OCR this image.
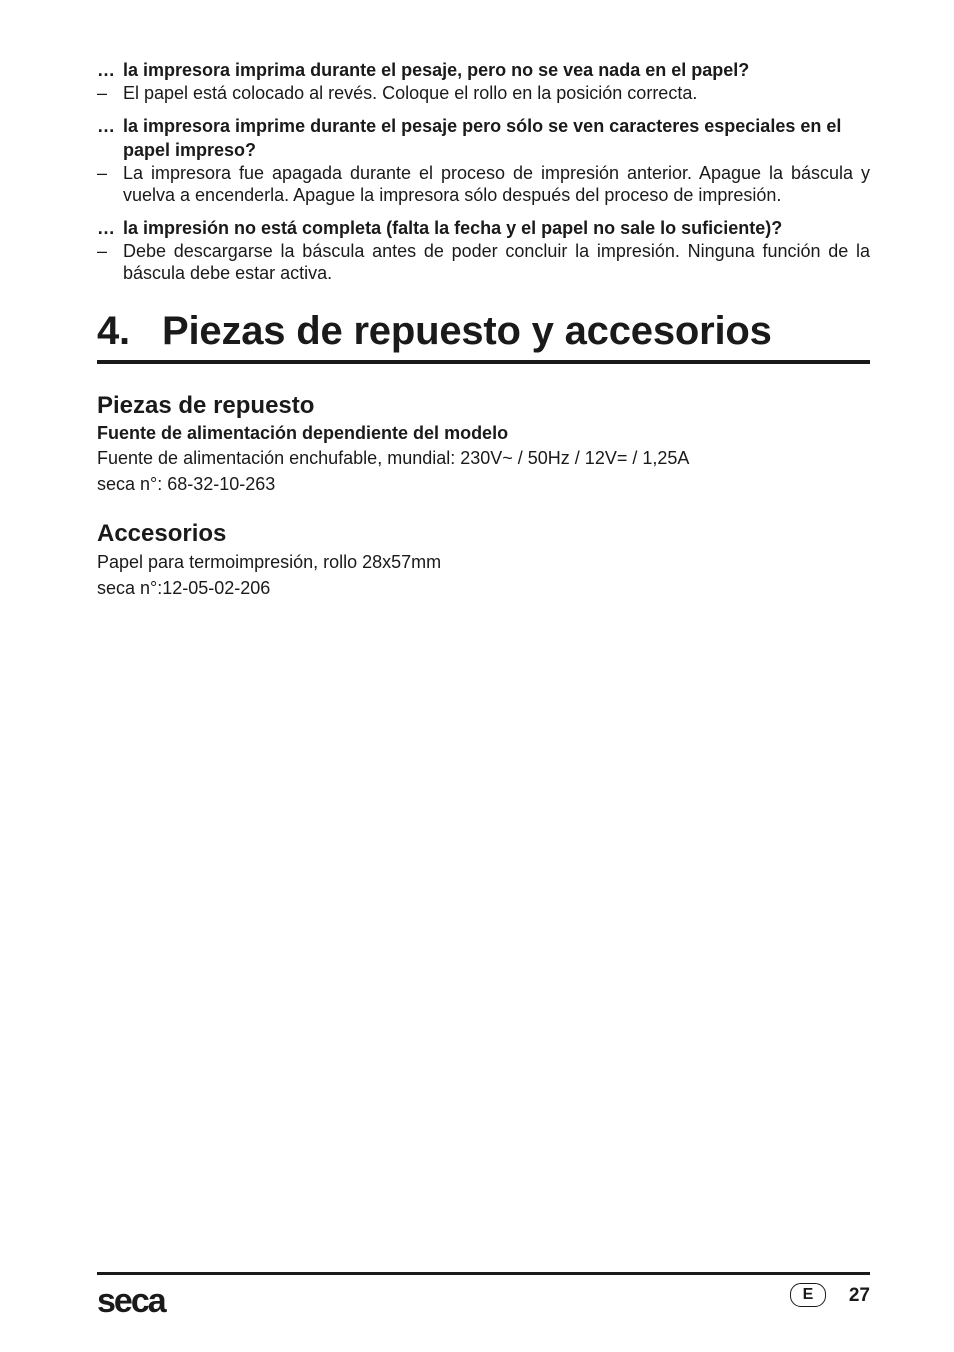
… la impresora imprima durante el pesaje, pero no se vea nada en el papel?

– El papel está colocado al revés. Coloque el rollo en la posición correcta.

… la impresora imprime durante el pesaje pero sólo se ven caracteres especiales en el papel impreso?

– La impresora fue apagada durante el proceso de impresión anterior. Apague la báscula y vuelva a encenderla. Apague la impresora sólo después del proceso de impresión.

… la impresión no está completa (falta la fecha y el papel no sale lo suficiente)?

– Debe descargarse la báscula antes de poder concluir la impresión. Ninguna función de la báscula debe estar activa.

4. Piezas de repuesto y accesorios
Piezas de repuesto
Fuente de alimentación dependiente del modelo

Fuente de alimentación enchufable, mundial: 230V~ / 50Hz / 12V= / 1,25A

seca n°: 68-32-10-263

Accesorios

Papel para termoimpresión, rollo 28x57mm

seca n°:12-05-02-206

seca	E	27
